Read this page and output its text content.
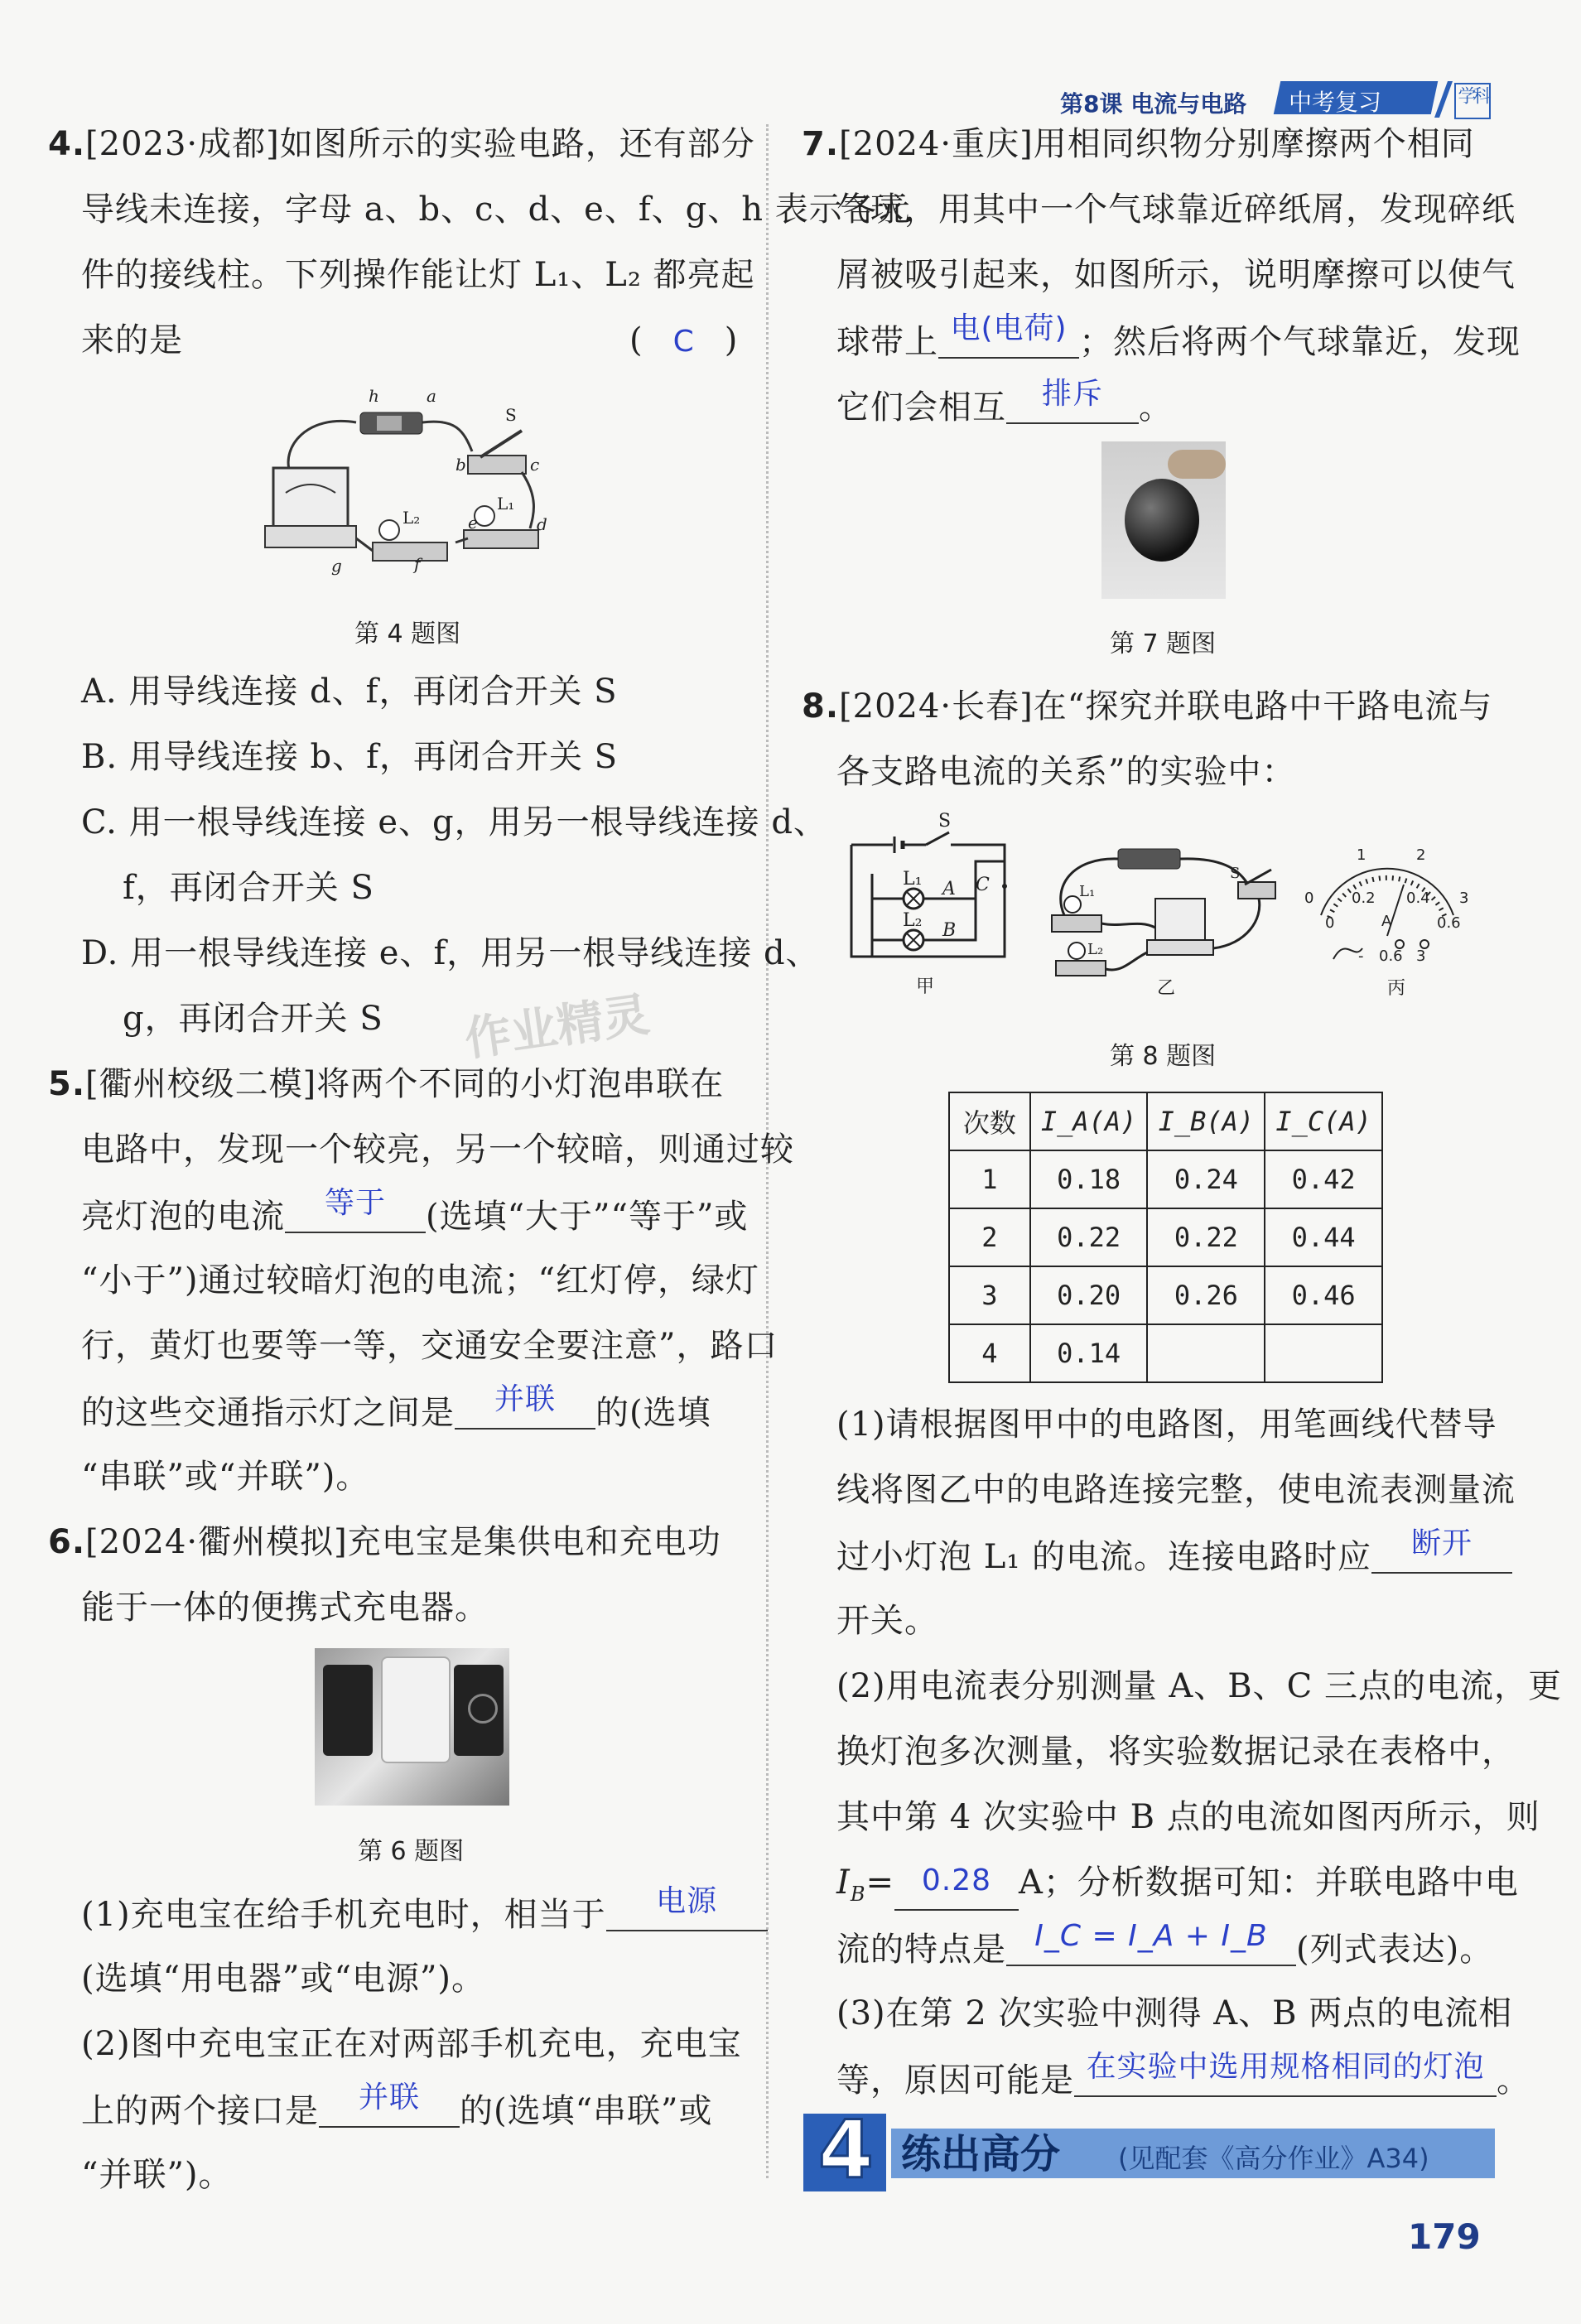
第8课 电流与电路 中考复习	科学
4.[2023·成都]如图所示的实验电路，还有部分
导线未连接，字母 a、b、c、d、e、f、g、h 表示各元
件的接线柱。下列操作能让灯 L₁、L₂ 都亮起
来的是	( C )
h	a
S
b	c
L₂
L₁
e	d
g	f
第 4 题图
A. 用导线连接 d、f，再闭合开关 S
B. 用导线连接 b、f，再闭合开关 S
C. 用一根导线连接 e、g，用另一根导线连接 d、
f，再闭合开关 S
D. 用一根导线连接 e、f，用另一根导线连接 d、
g，再闭合开关 S 作业精灵
5.[衢州校级二模]将两个不同的小灯泡串联在
电路中，发现一个较亮，另一个较暗，则通过较
亮灯泡的电流	等于	(选填“大于”“等于”或
“小于”)通过较暗灯泡的电流；“红灯停，绿灯
行，黄灯也要等一等，交通安全要注意”，路口
的这些交通指示灯之间是	并联	的(选填
“串联”或“并联”)。
6.[2024·衢州模拟]充电宝是集供电和充电功
能于一体的便携式充电器。
第 6 题图
(1)充电宝在给手机充电时，相当于	电源
(选填“用电器”或“电源”)。
(2)图中充电宝正在对两部手机充电，充电宝
上的两个接口是	并联	的(选填“串联”或
“并联”)。
7.[2024·重庆]用相同织物分别摩擦两个相同
气球，用其中一个气球靠近碎纸屑，发现碎纸
屑被吸引起来，如图所示，说明摩擦可以使气
球带上 电(电荷) ；然后将两个气球靠近，发现
它们会相互	排斥	。
第 7 题图
8.[2024·长春]在“探究并联电路中干路电流与
各支路电流的关系”的实验中：
S
L₁ A C
L₂ B
甲
S
L₁
L₂
乙
1	2
0	0.2 0.4 3
0	A	0.6
- 0.6 3
丙
第 8 题图
次数	I_A(A)	I_B(A)	I_C(A)
1	0.18	0.24	0.42
2	0.22	0.22	0.44
3	0.20	0.26	0.46
4	0.14		
(1)请根据图甲中的电路图，用笔画线代替导
线将图乙中的电路连接完整，使电流表测量流
过小灯泡 L₁ 的电流。连接电路时应	断开
开关。
(2)用电流表分别测量 A、B、C 三点的电流，更
换灯泡多次测量，将实验数据记录在表格中，
其中第 4 次实验中 B 点的电流如图丙所示，则
$I_B= 0.28$ A；分析数据可知：并联电路中电
流的特点是 I_C = I_A + I_B (列式表达)。
(3)在第 2 次实验中测得 A、B 两点的电流相
等，原因可能是 在实验中选用规格相同的灯泡 。
4 练出高分 (见配套《高分作业》A34)
179
